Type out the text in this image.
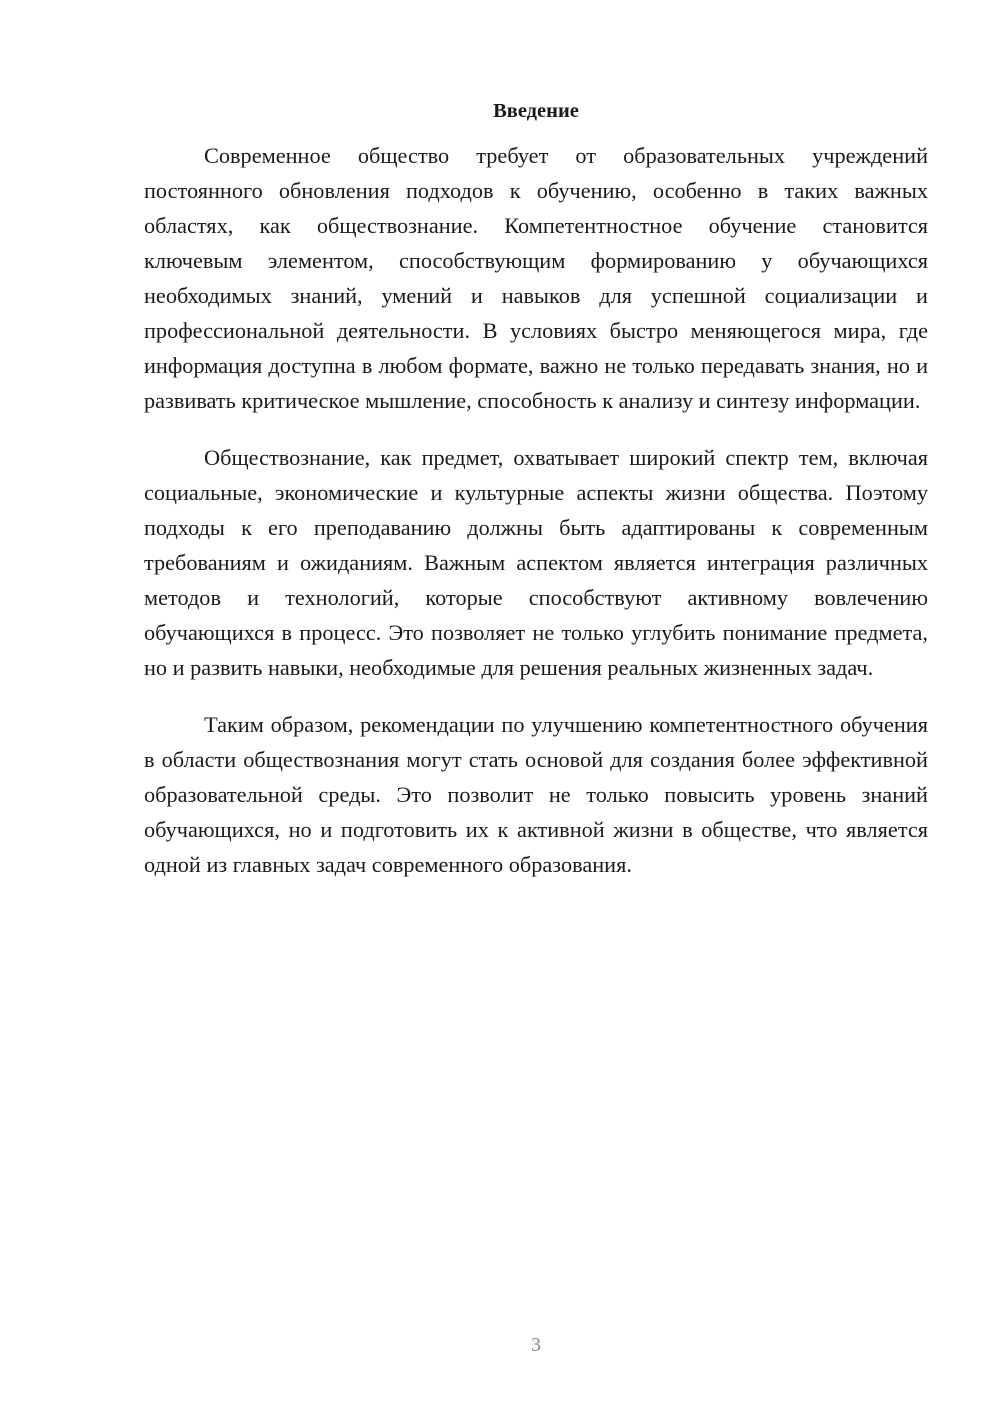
Введение

Современное общество требует от образовательных учреждений постоянного обновления подходов к обучению, особенно в таких важных областях, как обществознание. Компетентностное обучение становится ключевым элементом, способствующим формированию у обучающихся необходимых знаний, умений и навыков для успешной социализации и профессиональной деятельности. В условиях быстро меняющегося мира, где информация доступна в любом формате, важно не только передавать знания, но и развивать критическое мышление, способность к анализу и синтезу информации.

Обществознание, как предмет, охватывает широкий спектр тем, включая социальные, экономические и культурные аспекты жизни общества. Поэтому подходы к его преподаванию должны быть адаптированы к современным требованиям и ожиданиям. Важным аспектом является интеграция различных методов и технологий, которые способствуют активному вовлечению обучающихся в процесс. Это позволяет не только углубить понимание предмета, но и развить навыки, необходимые для решения реальных жизненных задач.

Таким образом, рекомендации по улучшению компетентностного обучения в области обществознания могут стать основой для создания более эффективной образовательной среды. Это позволит не только повысить уровень знаний обучающихся, но и подготовить их к активной жизни в обществе, что является одной из главных задач современного образования.

3
